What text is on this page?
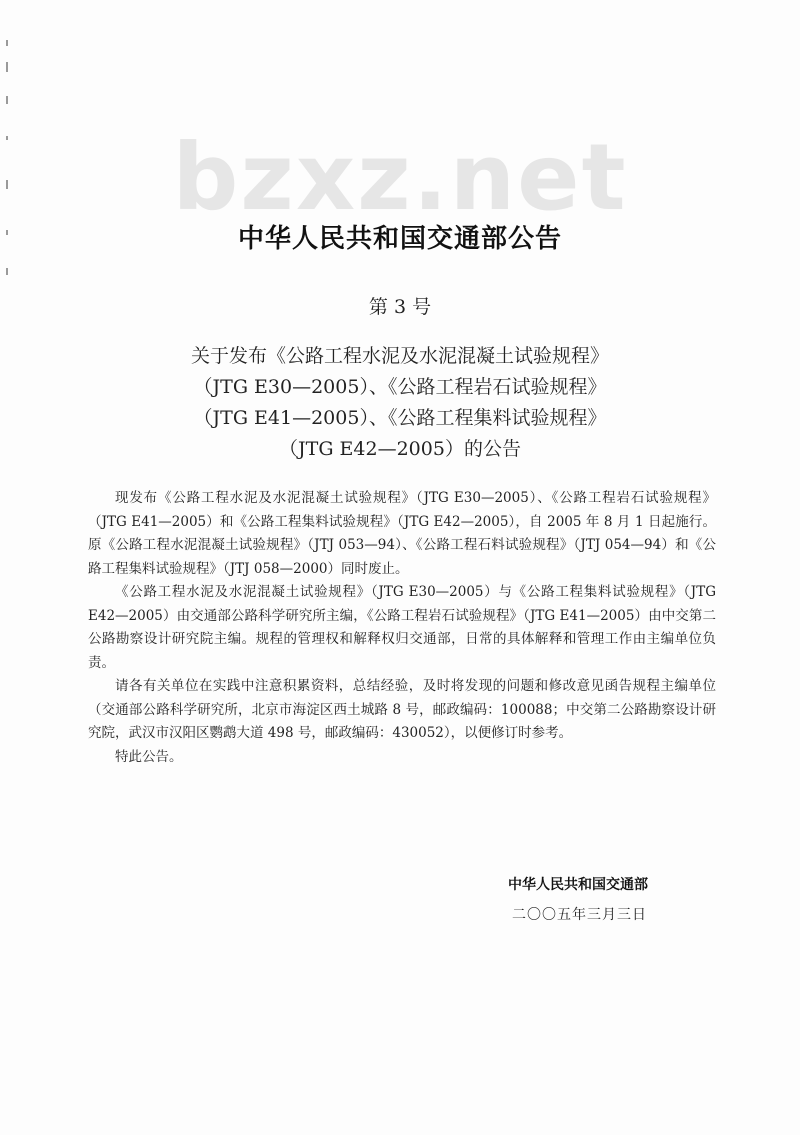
bzxz.net
中华人民共和国交通部公告
第 3 号
关于发布《公路工程水泥及水泥混凝土试验规程》
（JTG E30—2005）、《公路工程岩石试验规程》
（JTG E41—2005）、《公路工程集料试验规程》
（JTG E42—2005）的公告

现发布《公路工程水泥及水泥混凝土试验规程》（JTG E30—2005）、《公路工程岩石试验规程》（JTG E41—2005）和《公路工程集料试验规程》（JTG E42—2005），自 2005 年 8 月 1 日起施行。原《公路工程水泥混凝土试验规程》（JTJ 053—94）、《公路工程石料试验规程》（JTJ 054—94）和《公路工程集料试验规程》（JTJ 058—2000）同时废止。

《公路工程水泥及水泥混凝土试验规程》（JTG E30—2005）与《公路工程集料试验规程》（JTG E42—2005）由交通部公路科学研究所主编，《公路工程岩石试验规程》（JTG E41—2005）由中交第二公路勘察设计研究院主编。规程的管理权和解释权归交通部，日常的具体解释和管理工作由主编单位负责。

请各有关单位在实践中注意积累资料，总结经验，及时将发现的问题和修改意见函告规程主编单位（交通部公路科学研究所，北京市海淀区西土城路 8 号，邮政编码：100088；中交第二公路勘察设计研究院，武汉市汉阳区鹦鹉大道 498 号，邮政编码：430052），以便修订时参考。

特此公告。

中华人民共和国交通部
二〇〇五年三月三日
